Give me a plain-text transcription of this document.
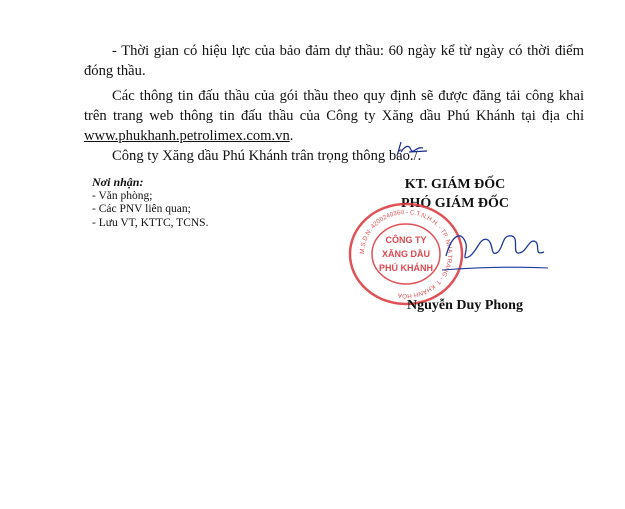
- Thời gian có hiệu lực của bảo đảm dự thầu: 60 ngày kể từ ngày có thời điểm đóng thầu.
Các thông tin đấu thầu của gói thầu theo quy định sẽ được đăng tải công khai trên trang web thông tin đấu thầu của Công ty Xăng dầu Phú Khánh tại địa chỉ www.phukhanh.petrolimex.com.vn.
Công ty Xăng dầu Phú Khánh trân trọng thông báo./.
Nơi nhận:
- Văn phòng;
- Các PNV liên quan;
- Lưu VT, KTTC, TCNS.
KT. GIÁM ĐỐC
PHÓ GIÁM ĐỐC
M.S.D.N: 4200240360 - C.T.N.H.H. - TP. NHA TRANG - T. KHÁNH HÒA
CÔNG TY
XĂNG DẦU
PHÚ KHÁNH
Nguyễn Duy Phong
